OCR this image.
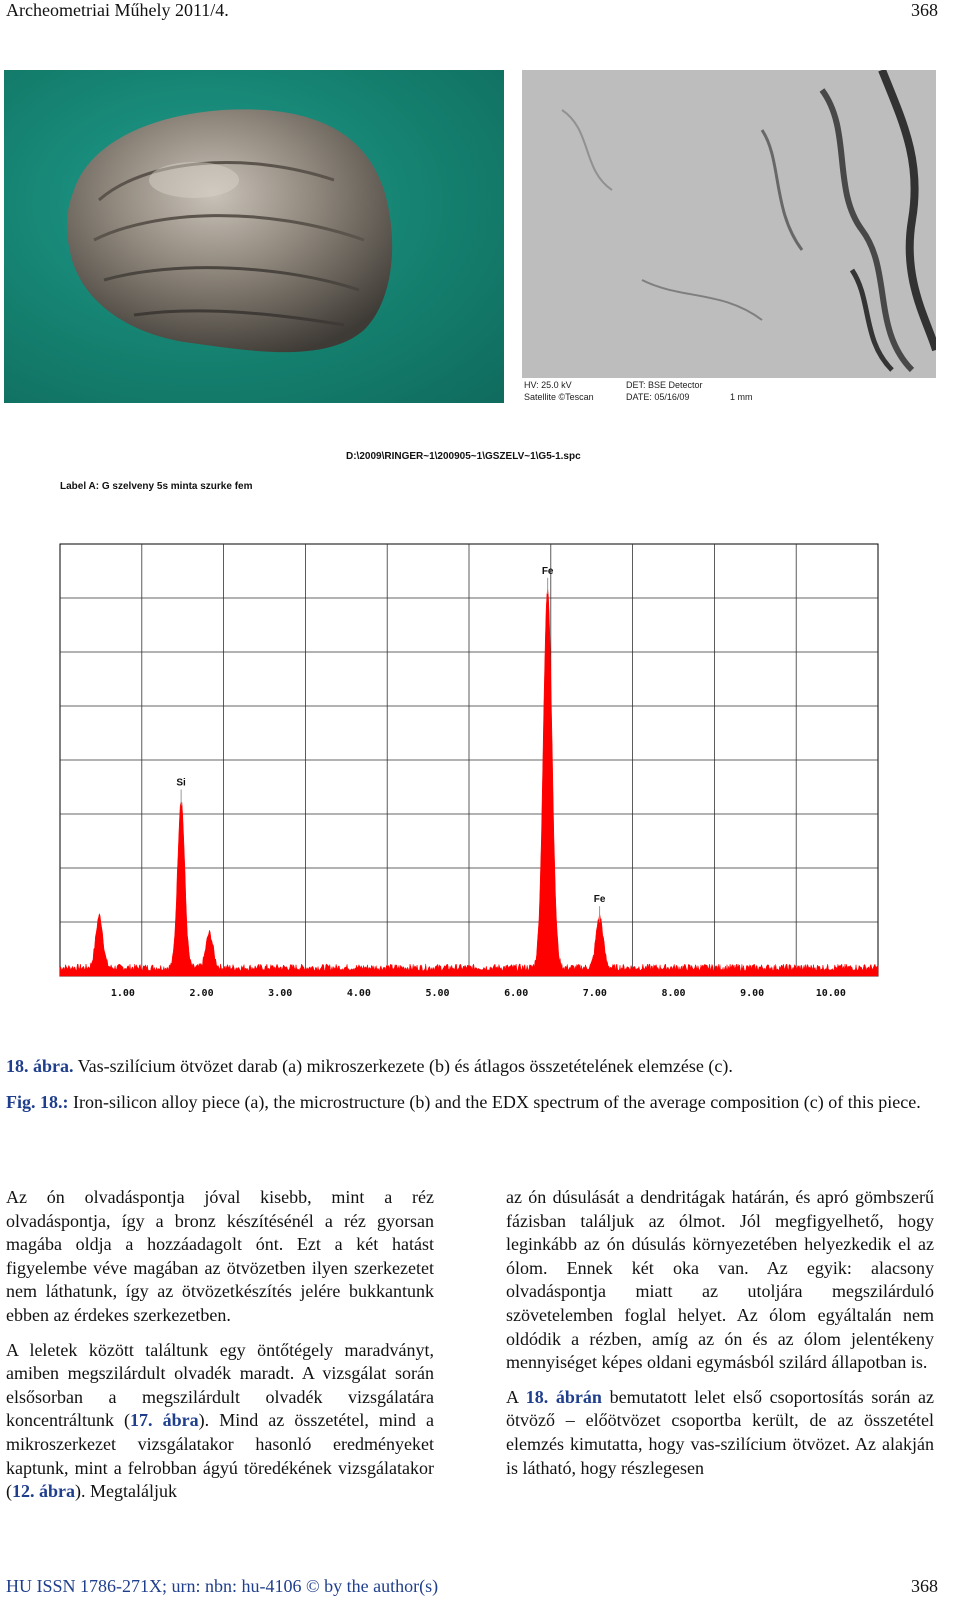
Archeometriai Műhely 2011/4.	368
HV: 25.0 kV	DET: BSE Detector
Satellite ©Tescan	DATE: 05/16/09	1 mm
D:\2009\RINGER~1\200905~1\GSZELV~1\G5-1.spc
Label A: G szelveny 5s minta szurke fem
1.00	2.00	3.00	4.00	5.00	6.00	7.00	8.00	9.00	10.00
Si
Fe
Fe
18. ábra. Vas-szilícium ötvözet darab (a) mikroszerkezete (b) és átlagos összetételének elemzése (c).
Fig. 18.: Iron-silicon alloy piece (a), the microstructure (b) and the EDX spectrum of the average composition (c) of this piece.

Az ón olvadáspontja jóval kisebb, mint a réz olvadáspontja, így a bronz készítésénél a réz gyorsan magába oldja a hozzáadagolt ónt. Ezt a két hatást figyelembe véve magában az ötvözetben ilyen szerkezetet nem láthatunk, így az ötvözetkészítés jelére bukkantunk ebben az érdekes szerkezetben.

A leletek között találtunk egy öntőtégely maradványt, amiben megszilárdult olvadék maradt. A vizsgálat során elsősorban a megszilárdult olvadék vizsgálatára koncentráltunk (17. ábra). Mind az összetétel, mind a mikroszerkezet vizsgálatakor hasonló eredményeket kaptunk, mint a felrobban ágyú töredékének vizsgálatakor (12. ábra). Megtaláljuk

az ón dúsulását a dendritágak határán, és apró gömbszerű fázisban találjuk az ólmot. Jól megfigyelhető, hogy leginkább az ón dúsulás környezetében helyezkedik el az ólom. Ennek két oka van. Az egyik: alacsony olvadáspontja miatt az utoljára megszilárduló szövetelemben foglal helyet. Az ólom egyáltalán nem oldódik a rézben, amíg az ón és az ólom jelentékeny mennyiséget képes oldani egymásból szilárd állapotban is.

A 18. ábrán bemutatott lelet első csoportosítás során az ötvöző – előötvözet csoportba került, de az összetétel elemzés kimutatta, hogy vas-szilícium ötvözet. Az alakján is látható, hogy részlegesen

HU ISSN 1786-271X; urn: nbn: hu-4106 © by the author(s)	368
